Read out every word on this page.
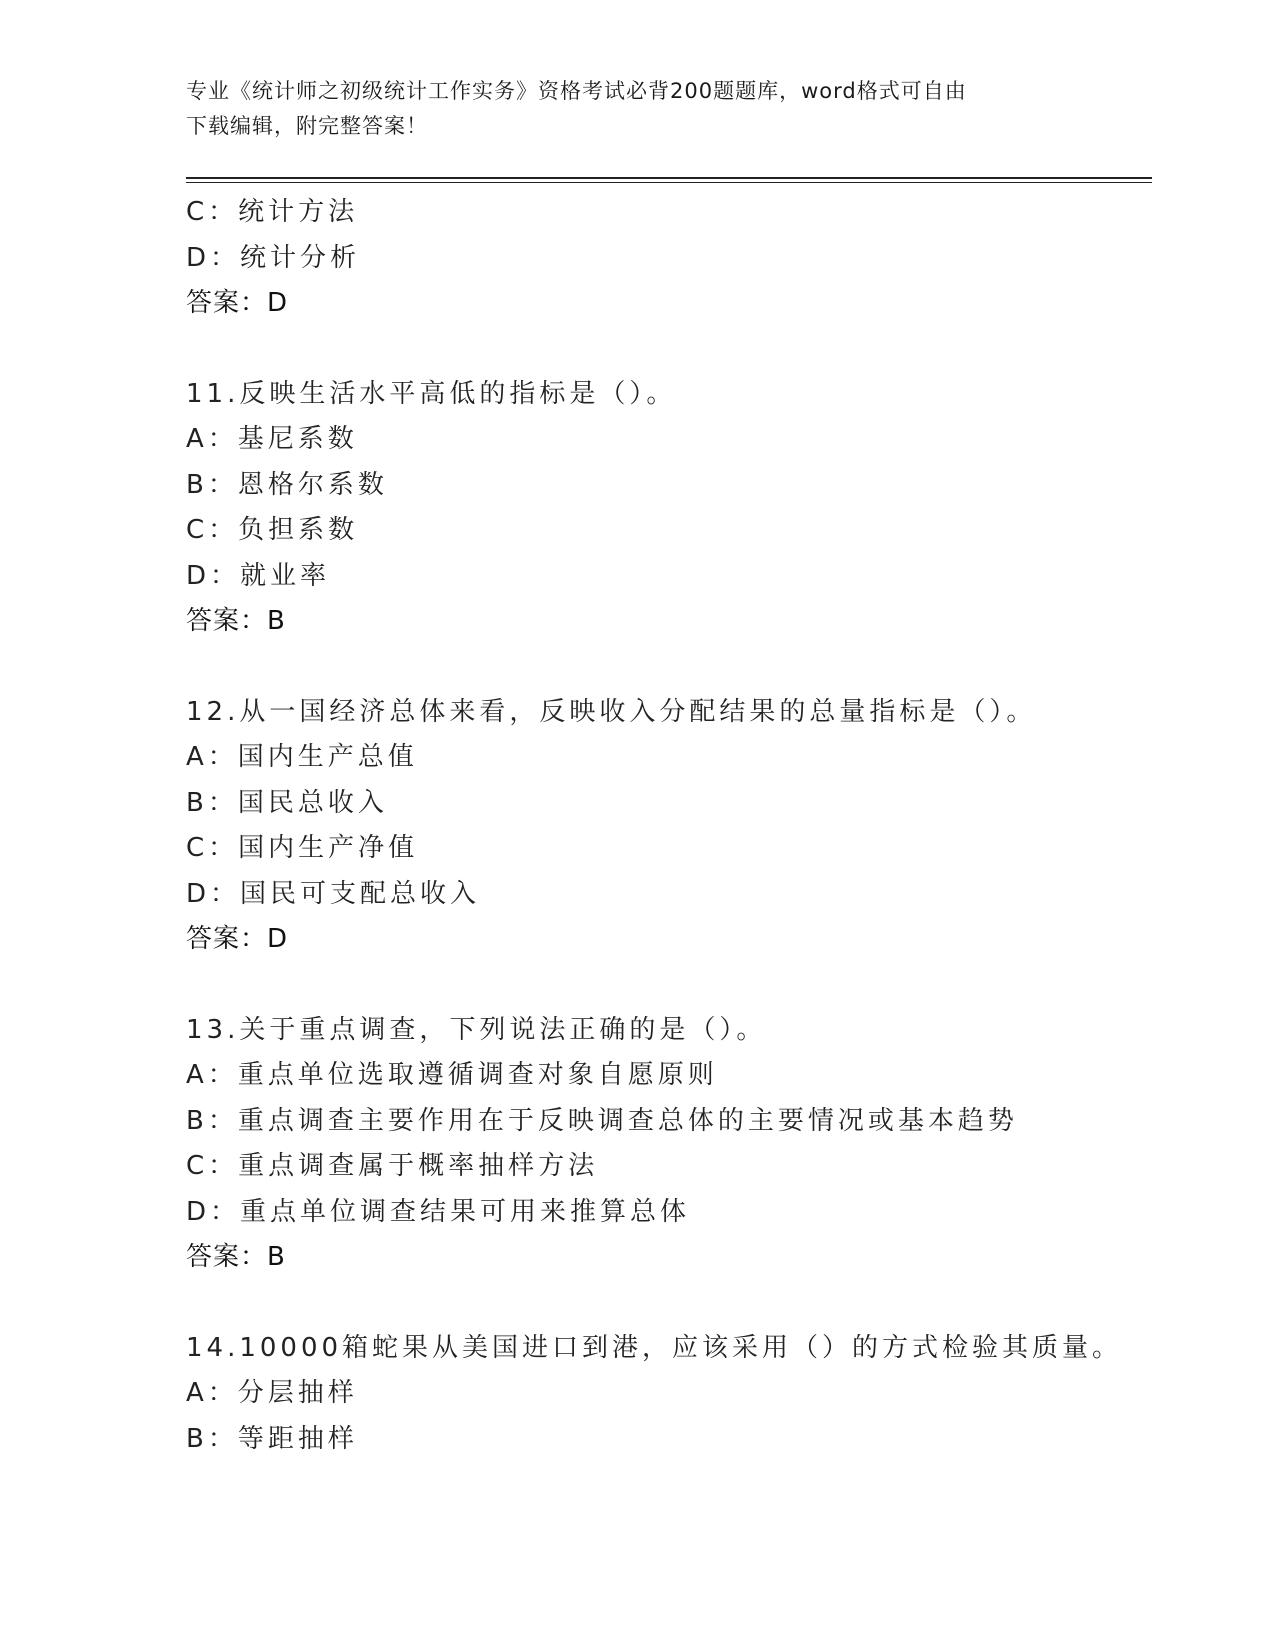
专业《统计师之初级统计工作实务》资格考试必背200题题库，word格式可自由
下载编辑，附完整答案！
C：统计方法
D：统计分析
答案：D
11.反映生活水平高低的指标是（）。
A：基尼系数
B：恩格尔系数
C：负担系数
D：就业率
答案：B
12.从一国经济总体来看，反映收入分配结果的总量指标是（）。
A：国内生产总值
B：国民总收入
C：国内生产净值
D：国民可支配总收入
答案：D
13.关于重点调查，下列说法正确的是（）。
A：重点单位选取遵循调查对象自愿原则
B：重点调查主要作用在于反映调查总体的主要情况或基本趋势
C：重点调查属于概率抽样方法
D：重点单位调查结果可用来推算总体
答案：B
14.10000箱蛇果从美国进口到港，应该采用（）的方式检验其质量。
A：分层抽样
B：等距抽样
